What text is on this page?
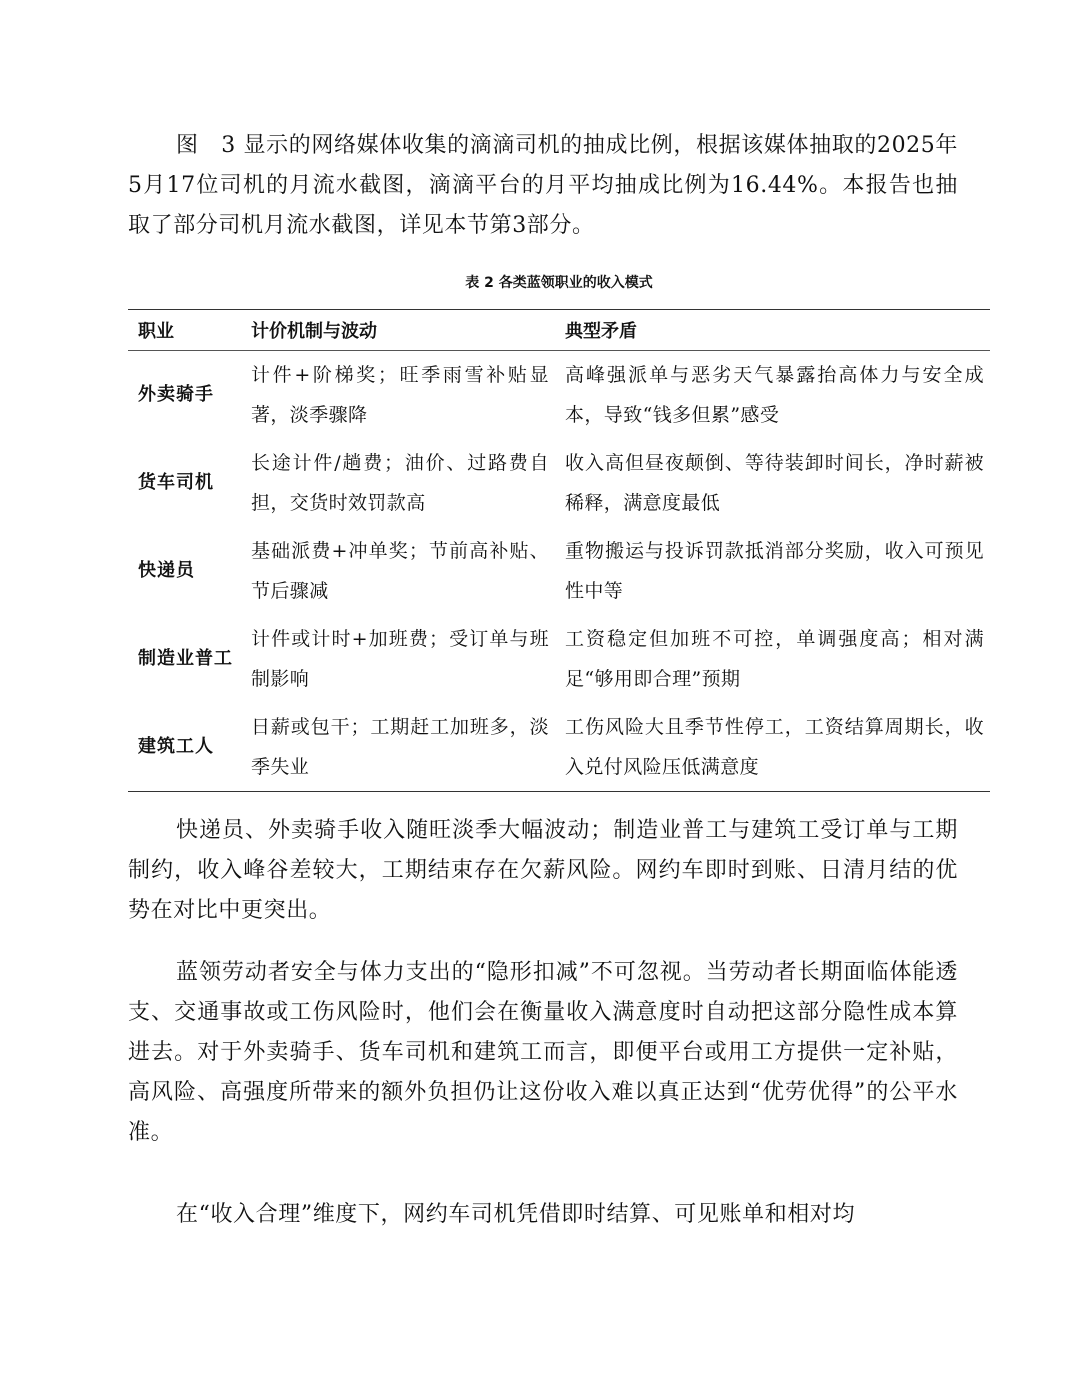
图　3 显示的网络媒体收集的滴滴司机的抽成比例，根据该媒体抽取的2025年5月17位司机的月流水截图，滴滴平台的月平均抽成比例为16.44%。本报告也抽取了部分司机月流水截图，详见本节第3部分。

表 2 各类蓝领职业的收入模式
职业	计价机制与波动	典型矛盾
外卖骑手	计件+阶梯奖；旺季雨雪补贴显著，淡季骤降	高峰强派单与恶劣天气暴露抬高体力与安全成本，导致“钱多但累”感受
货车司机	长途计件/趟费；油价、过路费自担，交货时效罚款高	收入高但昼夜颠倒、等待装卸时间长，净时薪被稀释，满意度最低
快递员	基础派费+冲单奖；节前高补贴、节后骤减	重物搬运与投诉罚款抵消部分奖励，收入可预见性中等
制造业普工	计件或计时+加班费；受订单与班制影响	工资稳定但加班不可控，单调强度高；相对满足“够用即合理”预期
建筑工人	日薪或包干；工期赶工加班多，淡季失业	工伤风险大且季节性停工，工资结算周期长，收入兑付风险压低满意度

快递员、外卖骑手收入随旺淡季大幅波动；制造业普工与建筑工受订单与工期制约，收入峰谷差较大，工期结束存在欠薪风险。网约车即时到账、日清月结的优势在对比中更突出。

蓝领劳动者安全与体力支出的“隐形扣减”不可忽视。当劳动者长期面临体能透支、交通事故或工伤风险时，他们会在衡量收入满意度时自动把这部分隐性成本算进去。对于外卖骑手、货车司机和建筑工而言，即便平台或用工方提供一定补贴，高风险、高强度所带来的额外负担仍让这份收入难以真正达到“优劳优得”的公平水准。

在“收入合理”维度下，网约车司机凭借即时结算、可见账单和相对均
